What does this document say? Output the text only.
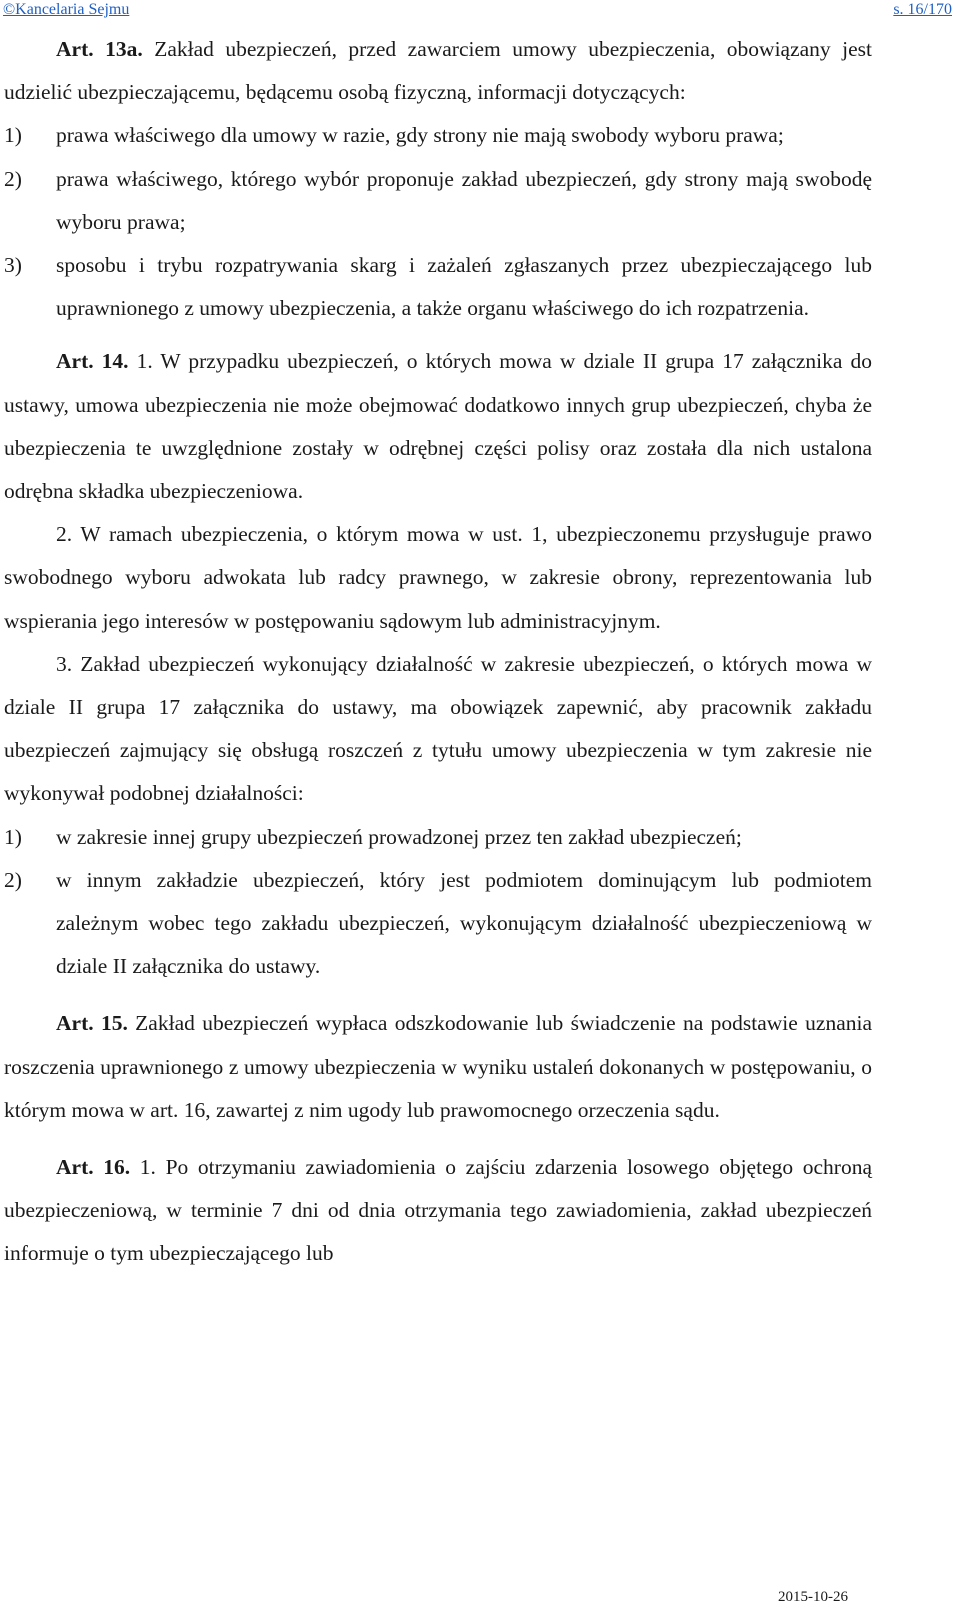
©Kancelaria Sejmu	s. 16/170

Art. 13a. Zakład ubezpieczeń, przed zawarciem umowy ubezpieczenia, obowiązany jest udzielić ubezpieczającemu, będącemu osobą fizyczną, informacji dotyczących:

1) prawa właściwego dla umowy w razie, gdy strony nie mają swobody wyboru prawa;

2) prawa właściwego, którego wybór proponuje zakład ubezpieczeń, gdy strony mają swobodę wyboru prawa;

3) sposobu i trybu rozpatrywania skarg i zażaleń zgłaszanych przez ubezpieczającego lub uprawnionego z umowy ubezpieczenia, a także organu właściwego do ich rozpatrzenia.

Art. 14. 1. W przypadku ubezpieczeń, o których mowa w dziale II grupa 17 załącznika do ustawy, umowa ubezpieczenia nie może obejmować dodatkowo innych grup ubezpieczeń, chyba że ubezpieczenia te uwzględnione zostały w odrębnej części polisy oraz została dla nich ustalona odrębna składka ubezpieczeniowa.

2. W ramach ubezpieczenia, o którym mowa w ust. 1, ubezpieczonemu przysługuje prawo swobodnego wyboru adwokata lub radcy prawnego, w zakresie obrony, reprezentowania lub wspierania jego interesów w postępowaniu sądowym lub administracyjnym.

3. Zakład ubezpieczeń wykonujący działalność w zakresie ubezpieczeń, o których mowa w dziale II grupa 17 załącznika do ustawy, ma obowiązek zapewnić, aby pracownik zakładu ubezpieczeń zajmujący się obsługą roszczeń z tytułu umowy ubezpieczenia w tym zakresie nie wykonywał podobnej działalności:

1) w zakresie innej grupy ubezpieczeń prowadzonej przez ten zakład ubezpieczeń;

2) w innym zakładzie ubezpieczeń, który jest podmiotem dominującym lub podmiotem zależnym wobec tego zakładu ubezpieczeń, wykonującym działalność ubezpieczeniową w dziale II załącznika do ustawy.

Art. 15. Zakład ubezpieczeń wypłaca odszkodowanie lub świadczenie na podstawie uznania roszczenia uprawnionego z umowy ubezpieczenia w wyniku ustaleń dokonanych w postępowaniu, o którym mowa w art. 16, zawartej z nim ugody lub prawomocnego orzeczenia sądu.

Art. 16. 1. Po otrzymaniu zawiadomienia o zajściu zdarzenia losowego objętego ochroną ubezpieczeniową, w terminie 7 dni od dnia otrzymania tego zawiadomienia, zakład ubezpieczeń informuje o tym ubezpieczającego lub

2015-10-26
